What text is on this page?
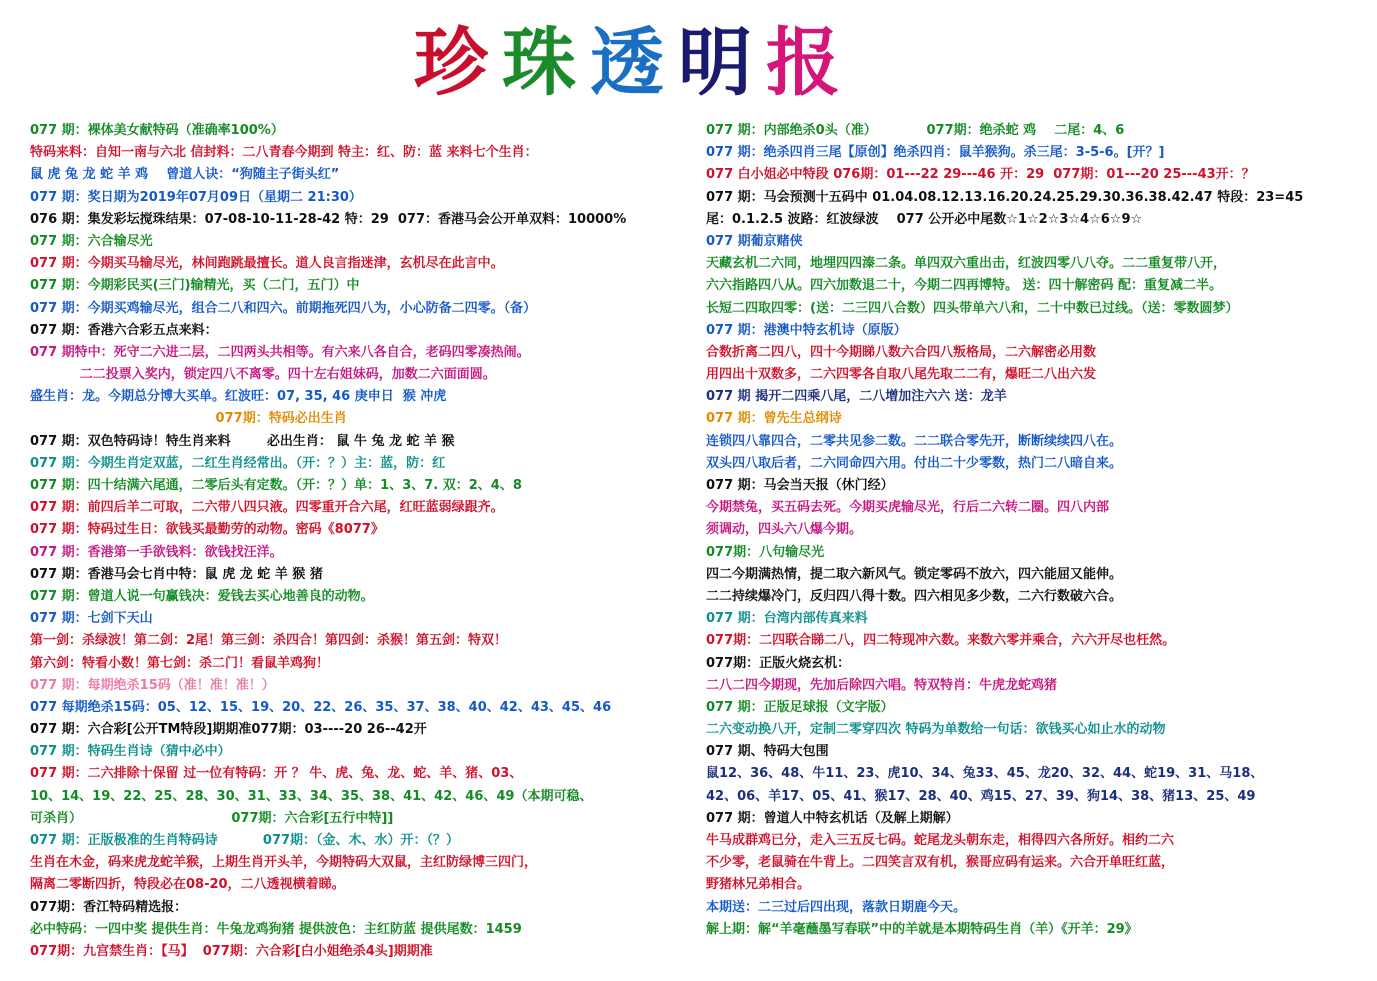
珍 珠 透 明 报
077 期：裸体美女献特码（准确率100%）
特码来料：自知一南与六北 信封料：二八青春今期到 特主：红、防：蓝 来料七个生肖：
鼠 虎 兔 龙 蛇 羊 鸡    曾道人诀：“狗随主子街头红”
077 期：奖日期为2019年07月09日（星期二 21:30）
076 期：集发彩坛搅珠结果：07-08-10-11-28-42 特：29  077：香港马会公开单双料：10000%
077 期：六合输尽光
077 期：今期买马输尽光，林间跑跳最擅长。道人良言指迷津，玄机尽在此言中。
077 期：今期彩民买(三门)输精光，买（二门，五门）中
077 期：今期买鸡输尽光，组合二八和四六。前期拖死四八为，小心防备二四零。（备）
077 期：香港六合彩五点来料：
077 期特中：死守二六进二层，二四两头共相等。有六来八各自合，老码四零凑热闹。
二二投票入奖内，锁定四八不离零。四十左右姐妹码，加数二六面面圆。
盛生肖：龙。今期总分博大买单。红波旺：07, 35, 46 庚申日  猴 冲虎
077期：特码必出生肖
077 期：双色特码诗！特生肖来料        必出生肖： 鼠 牛 兔 龙 蛇 羊 猴
077 期：今期生肖定双蓝，二红生肖经常出。（开：？）主：蓝，防：红
077 期：四十结满六尾通，二零后头有定数。（开：？）单：1、3、7. 双：2、4、8
077 期：前四后羊二可取，二六带八四只液。四零重开合六尾，红旺蓝弱绿跟齐。
077 期：特码过生日：欲钱买最勤劳的动物。密码《8077》
077 期：香港第一手欲钱料：欲钱找汪洋。
077 期：香港马会七肖中特：鼠 虎 龙 蛇 羊 猴 猪
077 期：曾道人说一句赢钱决：爱钱去买心地善良的动物。
077 期：七剑下天山
第一剑：杀绿波！第二剑：2尾！第三剑：杀四合！第四剑：杀猴！第五剑：特双！
第六剑：特看小数！第七剑：杀二门！看鼠羊鸡狗！
077 期：每期绝杀15码（准！准！准！）
077 每期绝杀15码：05、12、15、19、20、22、26、35、37、38、40、42、43、45、46
077 期：六合彩[公开TM特段]期期准077期：03----20 26--42开
077 期：特码生肖诗（猜中必中）
077 期：二六排除十保留 过一位有特码：开 ？ 牛、虎、兔、龙、蛇、羊、猪、03、
10、14、19、22、25、28、30、31、33、34、35、38、41、42、46、49（本期可稳、
可杀肖）                                 077期：六合彩[五行中特]]
077 期：正版极准的生肖特码诗          077期：（金、木、水）开：（？）
生肖在木金，码来虎龙蛇羊猴，上期生肖开头羊，今期特码大双鼠，主红防绿博三四门，
隔离二零断四折，特段必在08-20，二八透视横着睇。
077期：香江特码精选报：
必中特码：一四中奖 提供生肖：牛兔龙鸡狗猪 提供波色：主红防蓝 提供尾数：1459
077期：九宫禁生肖：【马】  077期：六合彩[白小姐绝杀4头]期期准
077 期：内部绝杀0头（准）           077期：绝杀蛇 鸡    二尾：4、6
077 期：绝杀四肖三尾【原创】绝杀四肖：鼠羊猴狗。杀三尾：3-5-6。[开？]
077 白小姐必中特段 076期：01---22 29---46 开：29  077期：01---20 25---43开：？
077 期：马会预测十五码中 01.04.08.12.13.16.20.24.25.29.30.36.38.42.47 特段：23=45
尾：0.1.2.5 波路：红波绿波    077 公开必中尾数☆1☆2☆3☆4☆6☆9☆
077 期葡京赌侠
天藏玄机二六同，地埋四四溱二条。单四双六重出击，红波四零八八夺。二二重复带八开，
六六指路四八从。四六加数退二十，今期二四再博特。 送：四十解密码 配：重复减二半。
长短二四取四零：(送：二三四八合数）四头带单六八和，二十中数已过线。（送：零数圆梦）
077 期：港澳中特玄机诗（原版）
合数折离二四八，四十今期睇八数六合四八叛格局，二六解密必用数
用四出十双数多，二六四零各自取八尾先取二二有，爆旺二八出六发
077 期 揭开二四乘八尾，二八增加注六六 送：龙羊
077 期：曾先生总纲诗
连锁四八靠四合，二零共见参二数。二二联合零先开，断断续续四八在。
双头四八取后者，二六同命四六用。付出二十少零数，热门二八暗自来。
077 期：马会当天报（休门经）
今期禁兔，买五码去死。今期买虎输尽光，行后二六转二圈。四八内部
须调动，四头六八爆今期。
077期：八句输尽光
四二今期满热情，提二取六新风气。锁定零码不放六，四六能屈又能伸。
二二持续爆冷门，反归四八得十数。四六相见多少数，二六行数破六合。
077 期：台湾内部传真来料
077期：二四联合睇二八，四二特现冲六数。来数六零并乘合，六六开尽也枉然。
077期：正版火烧玄机：
二八二四今期现，先加后除四六唱。特双特肖：牛虎龙蛇鸡猪
077 期：正版足球报（文字版）
二六变动换八开，定制二零穿四次 特码为单数给一句话：欲钱买心如止水的动物
077 期、特码大包围
鼠12、36、48、牛11、23、虎10、34、兔33、45、龙20、32、44、蛇19、31、马18、
42、06、羊17、05、41、猴17、28、40、鸡15、27、39、狗14、38、猪13、25、49
077 期：曾道人中特玄机话（及解上期解）
牛马成群鸡已分，走入三五反七码。蛇尾龙头朝东走，相得四六各所好。相约二六
不少零，老鼠骑在牛背上。二四笑言双有机，猴哥应码有运来。六合开单旺红蓝，
野猪林兄弟相合。
本期送：二三过后四出现，落款日期鹿今天。
解上期：解“羊毫蘸墨写春联”中的羊就是本期特码生肖（羊）《开羊：29》
